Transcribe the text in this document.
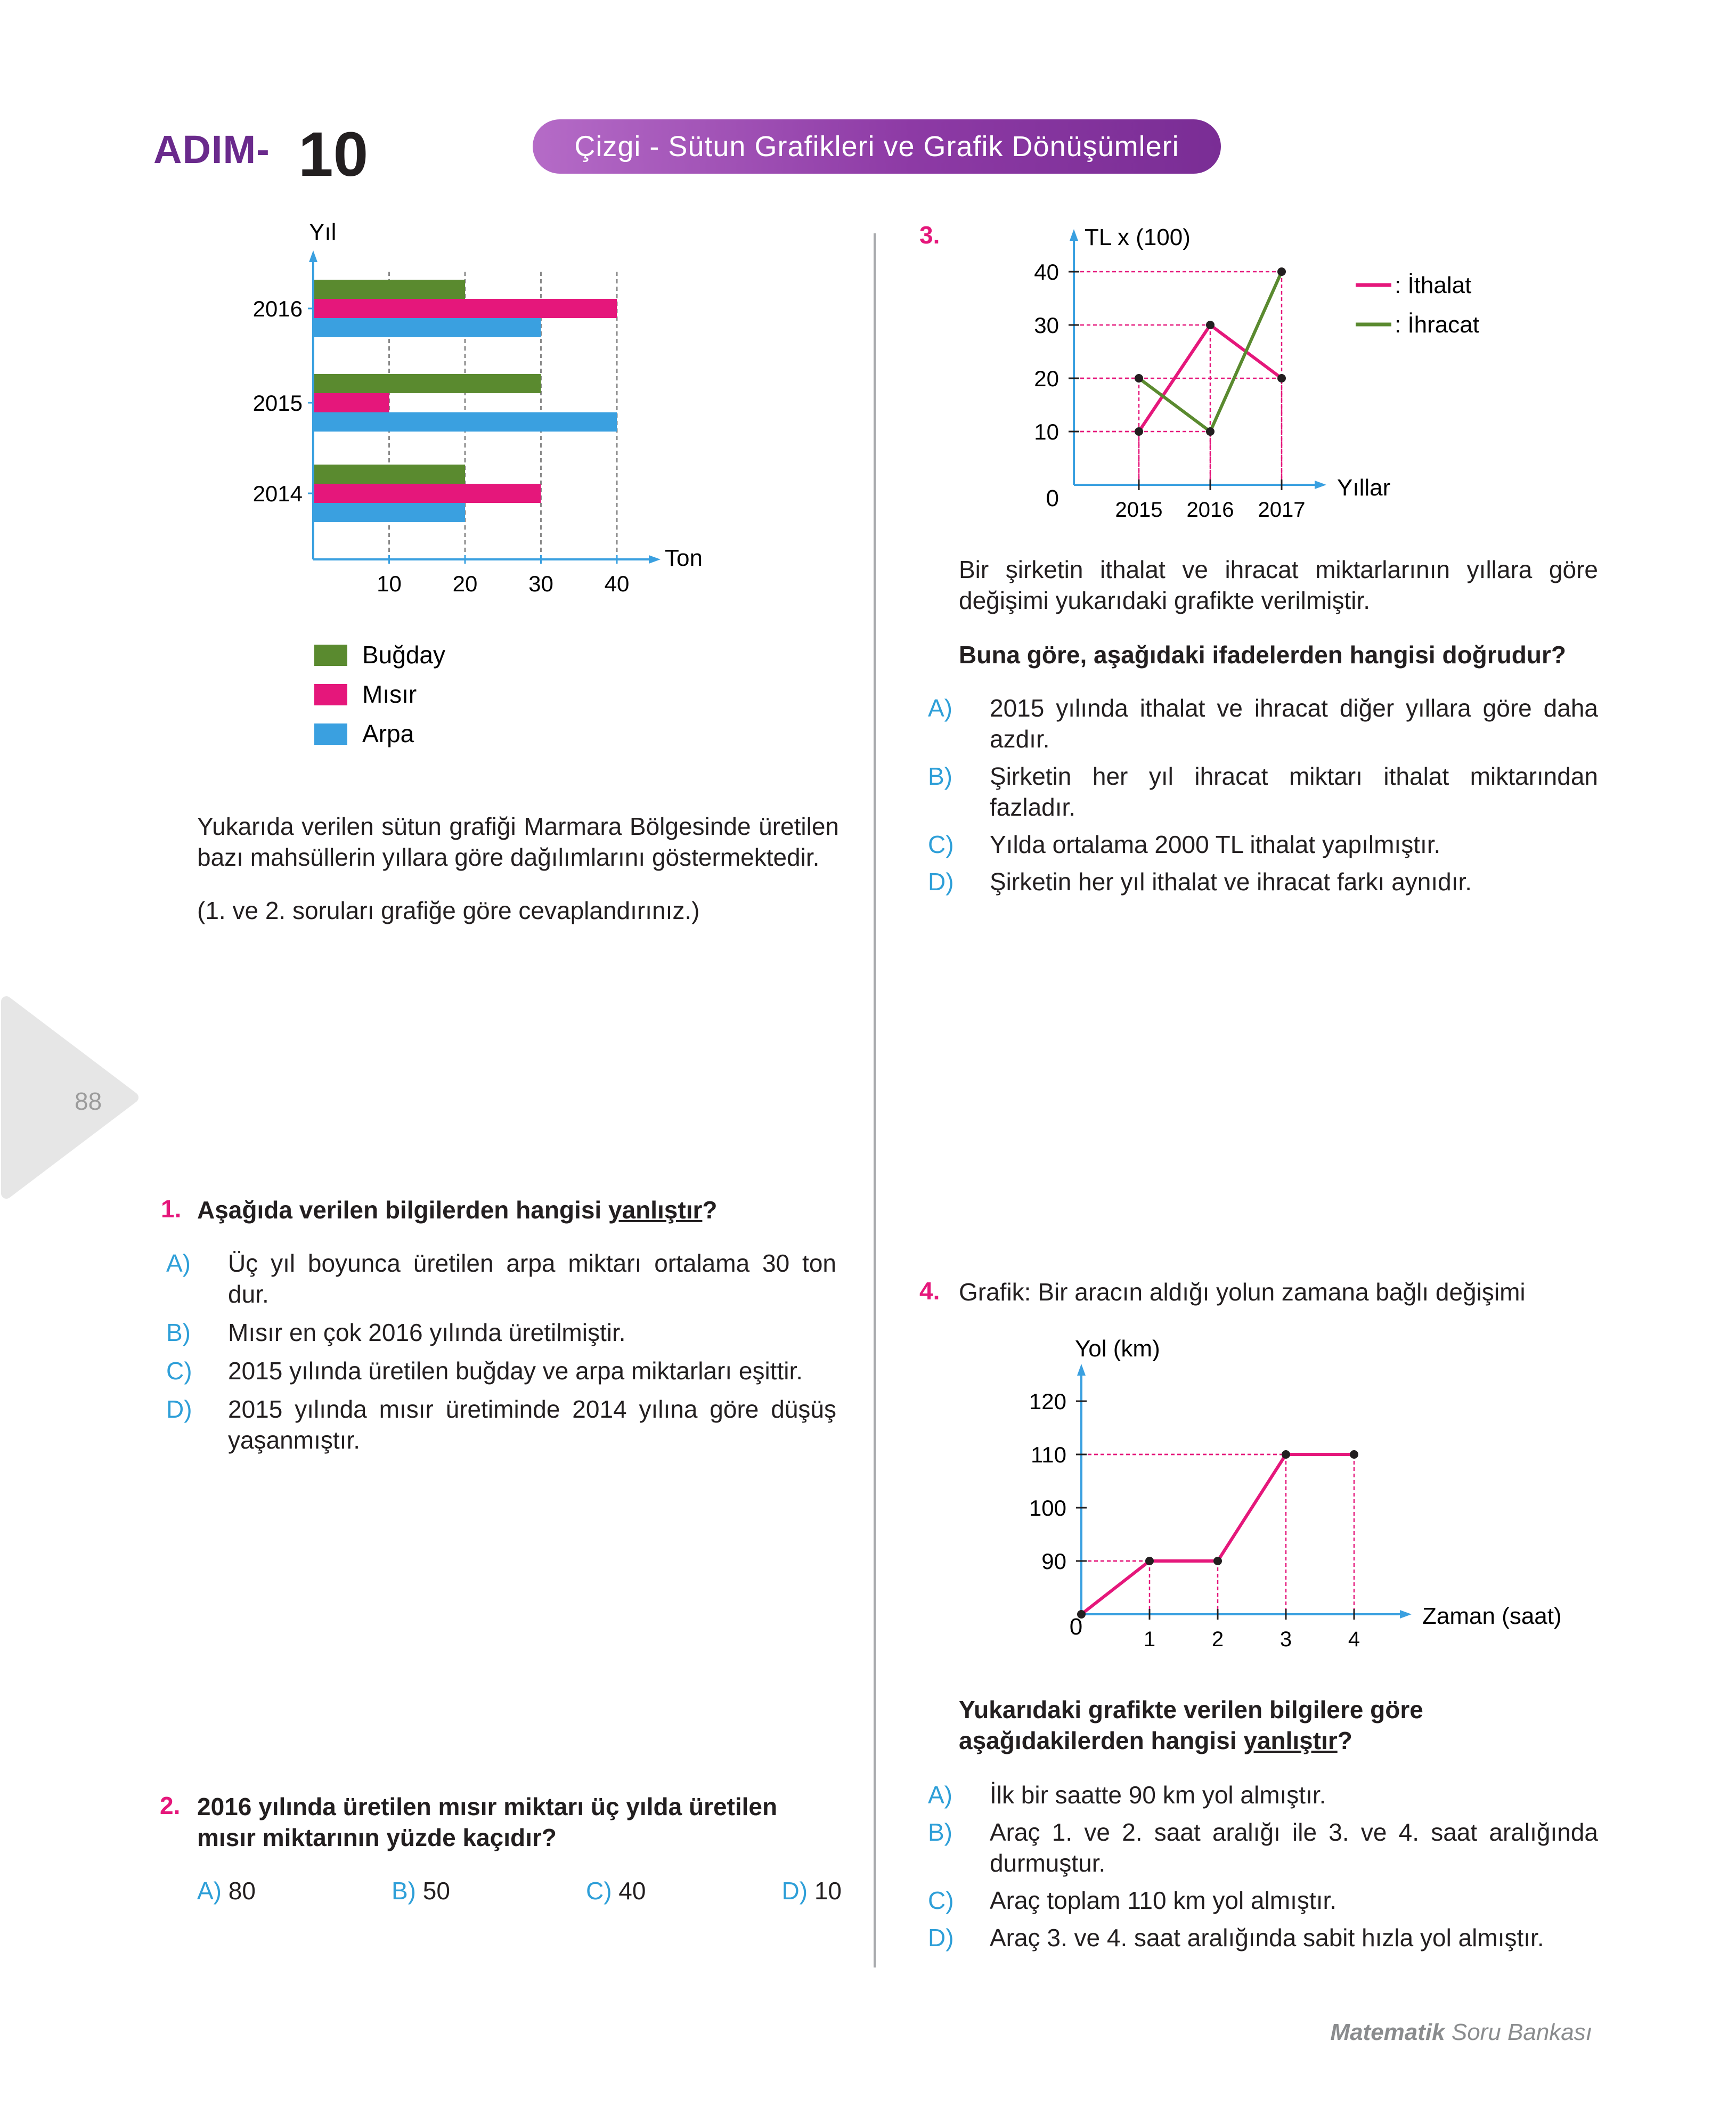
ADIM- 10	Çizgi - Sütun Grafikleri ve Grafik Dönüşümleri
88
10 20 30 40
2016
2015
2014
Yıl
Ton
Buğday
Mısır
Arpa
Yukarıda verilen sütun grafiği Marmara Bölgesinde üretilen bazı mahsüllerin yıllara göre dağılımlarını göstermektedir.
(1. ve 2. soruları grafiğe göre cevaplandırınız.)
1. Aşağıda verilen bilgilerden hangisi yanlıştır?
A) Üç yıl boyunca üretilen arpa miktarı ortalama 30 ton dur.
B) Mısır en çok 2016 yılında üretilmiştir.
C) 2015 yılında üretilen buğday ve arpa miktarları eşittir.
D) 2015 yılında mısır üretiminde 2014 yılına göre düşüş yaşanmıştır.
2. 2016 yılında üretilen mısır miktarı üç yılda üretilen mısır miktarının yüzde kaçıdır?
A) 80	B) 50	C) 40	D) 10
3.
10
20
30
40
2015 2016 2017
TL x (100)
Yıllar
0
: İthalat
: İhracat
Bir şirketin ithalat ve ihracat miktarlarının yıllara göre değişimi yukarıdaki grafikte verilmiştir.
Buna göre, aşağıdaki ifadelerden hangisi doğrudur?
A) 2015 yılında ithalat ve ihracat diğer yıllara göre daha azdır.
B) Şirketin her yıl ihracat miktarı ithalat miktarından fazladır.
C) Yılda ortalama 2000 TL ithalat yapılmıştır.
D) Şirketin her yıl ithalat ve ihracat farkı aynıdır.
4. Grafik: Bir aracın aldığı yolun zamana bağlı değişimi
90
100
110
120
1	2	3	4
Yol (km)
Zaman (saat)
0
Yukarıdaki grafikte verilen bilgilere göre aşağıdakilerden hangisi yanlıştır?
A) İlk bir saatte 90 km yol almıştır.
B) Araç 1. ve 2. saat aralığı ile 3. ve 4. saat aralığında durmuştur.
C) Araç toplam 110 km yol almıştır.
D) Araç 3. ve 4. saat aralığında sabit hızla yol almıştır.
Matematik Soru Bankası
